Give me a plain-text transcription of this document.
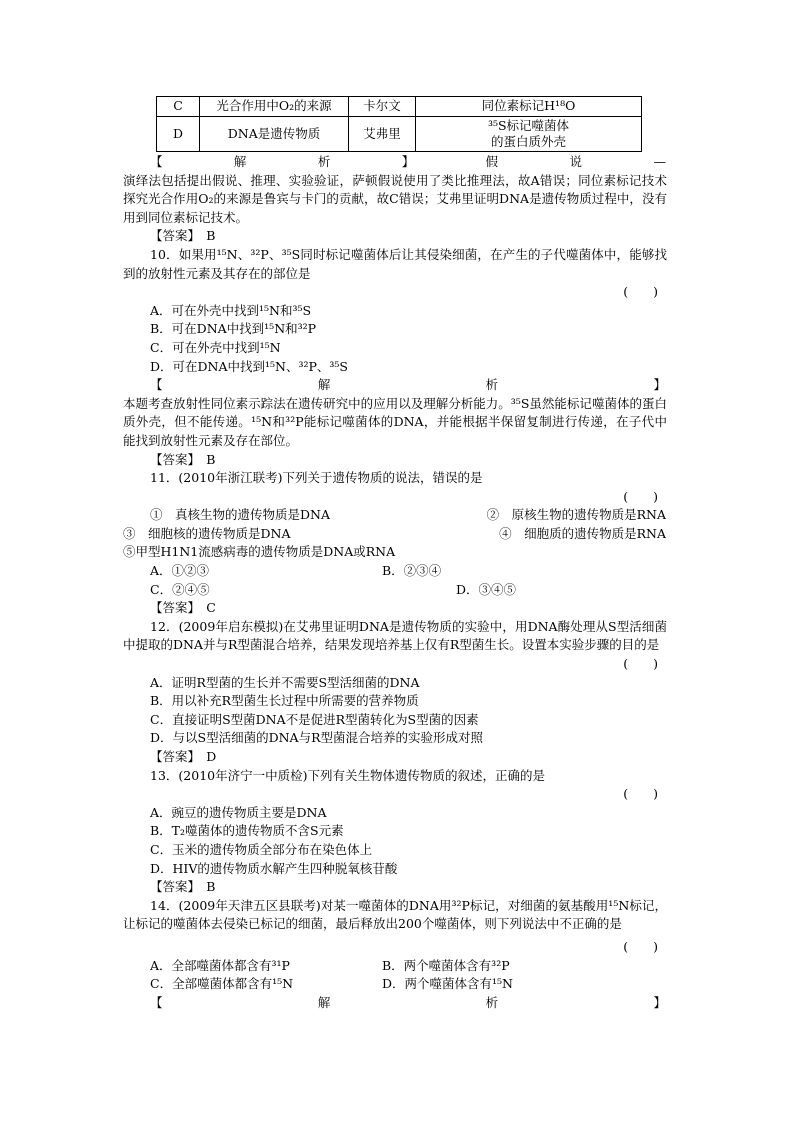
C	光合作用中O₂的来源	卡尔文	同位素标记H¹⁸O
D	DNA是遗传物质	艾弗里	³⁵S标记噬菌体
的蛋白质外壳
【	解	析	】	假	说	—

演绎法包括提出假说、推理、实验验证，萨顿假说使用了类比推理法，故A错误；同位素标记技术探究光合作用O₂的来源是鲁宾与卡门的贡献，故C错误；艾弗里证明DNA是遗传物质过程中，没有用到同位素标记技术。

【答案】　B

10．如果用¹⁵N、³²P、³⁵S同时标记噬菌体后让其侵染细菌，在产生的子代噬菌体中，能够找到的放射性元素及其存在的部位是

(　　)

A．可在外壳中找到¹⁵N和³⁵S

B．可在DNA中找到¹⁵N和³²P

C．可在外壳中找到¹⁵N

D．可在DNA中找到¹⁵N、³²P、³⁵S

【	解	析	】

本题考查放射性同位素示踪法在遗传研究中的应用以及理解分析能力。³⁵S虽然能标记噬菌体的蛋白质外壳，但不能传递。¹⁵N和³²P能标记噬菌体的DNA，并能根据半保留复制进行传递，在子代中能找到放射性元素及存在部位。

【答案】　B

11．(2010年浙江联考)下列关于遗传物质的说法，错误的是

(　　)

①　真核生物的遗传物质是DNA	②　原核生物的遗传物质是RNA
③　细胞核的遗传物质是DNA	④　细胞质的遗传物质是RNA

⑤甲型H1N1流感病毒的遗传物质是DNA或RNA

A．①②③	B．②③④
C．②④⑤	D．③④⑤

【答案】　C

12．(2009年启东模拟)在艾弗里证明DNA是遗传物质的实验中，用DNA酶处理从S型活细菌中提取的DNA并与R型菌混合培养，结果发现培养基上仅有R型菌生长。设置本实验步骤的目的是

(　　)

A．证明R型菌的生长并不需要S型活细菌的DNA

B．用以补充R型菌生长过程中所需要的营养物质

C．直接证明S型菌DNA不是促进R型菌转化为S型菌的因素

D．与以S型活细菌的DNA与R型菌混合培养的实验形成对照

【答案】　D

13．(2010年济宁一中质检)下列有关生物体遗传物质的叙述，正确的是

(　　)

A．豌豆的遗传物质主要是DNA

B．T₂噬菌体的遗传物质不含S元素

C．玉米的遗传物质全部分布在染色体上

D．HIV的遗传物质水解产生四种脱氧核苷酸

【答案】　B

14．(2009年天津五区县联考)对某一噬菌体的DNA用³²P标记，对细菌的氨基酸用¹⁵N标记，让标记的噬菌体去侵染已标记的细菌，最后释放出200个噬菌体，则下列说法中不正确的是

(　　)

A．全部噬菌体都含有³¹P	B．两个噬菌体含有³²P
C．全部噬菌体都含有¹⁵N	D．两个噬菌体含有¹⁵N
【	解	析	】
